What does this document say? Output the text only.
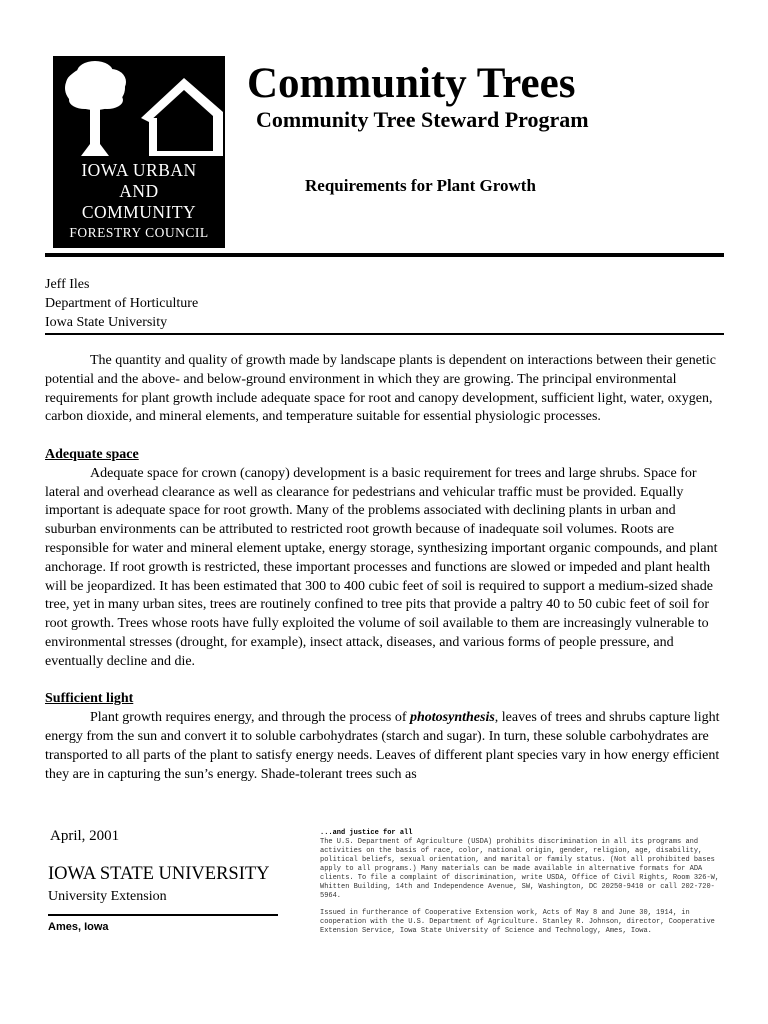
IOWA URBAN
AND
COMMUNITY
FORESTRY COUNCIL
Community Trees
Community Tree Steward Program
Requirements for Plant Growth
Jeff Iles
Department of Horticulture
Iowa State University

The quantity and quality of growth made by landscape plants is dependent on interactions between their genetic potential and the above- and below-ground environment in which they are growing. The principal environmental requirements for plant growth include adequate space for root and canopy development, sufficient light, water, oxygen, carbon dioxide, and mineral elements, and temperature suitable for essential physiologic processes.

Adequate space

Adequate space for crown (canopy) development is a basic requirement for trees and large shrubs. Space for lateral and overhead clearance as well as clearance for pedestrians and vehicular traffic must be provided. Equally important is adequate space for root growth. Many of the problems associated with declining plants in urban and suburban environments can be attributed to restricted root growth because of inadequate soil volumes. Roots are responsible for water and mineral element uptake, energy storage, synthesizing important organic compounds, and plant anchorage. If root growth is restricted, these important processes and functions are slowed or impeded and plant health will be jeopardized. It has been estimated that 300 to 400 cubic feet of soil is required to support a medium-sized shade tree, yet in many urban sites, trees are routinely confined to tree pits that provide a paltry 40 to 50 cubic feet of soil for root growth. Trees whose roots have fully exploited the volume of soil available to them are increasingly vulnerable to environmental stresses (drought, for example), insect attack, diseases, and various forms of people pressure, and eventually decline and die.

Sufficient light

Plant growth requires energy, and through the process of photosynthesis, leaves of trees and shrubs capture light energy from the sun and convert it to soluble carbohydrates (starch and sugar). In turn, these soluble carbohydrates are transported to all parts of the plant to satisfy energy needs. Leaves of different plant species vary in how energy efficient they are in capturing the sun’s energy. Shade-tolerant trees such as

April, 2001
IOWA STATE UNIVERSITY
University Extension
Ames, Iowa

...and justice for all

The U.S. Department of Agriculture (USDA) prohibits discrimination in all its programs and activities on the basis of race, color, national origin, gender, religion, age, disability, political beliefs, sexual orientation, and marital or family status. (Not all prohibited bases apply to all programs.) Many materials can be made available in alternative formats for ADA clients. To file a complaint of discrimination, write USDA, Office of Civil Rights, Room 326-W, Whitten Building, 14th and Independence Avenue, SW, Washington, DC 20250-9410 or call 202-720-5964.

Issued in furtherance of Cooperative Extension work, Acts of May 8 and June 30, 1914, in cooperation with the U.S. Department of Agriculture. Stanley R. Johnson, director, Cooperative Extension Service, Iowa State University of Science and Technology, Ames, Iowa.
